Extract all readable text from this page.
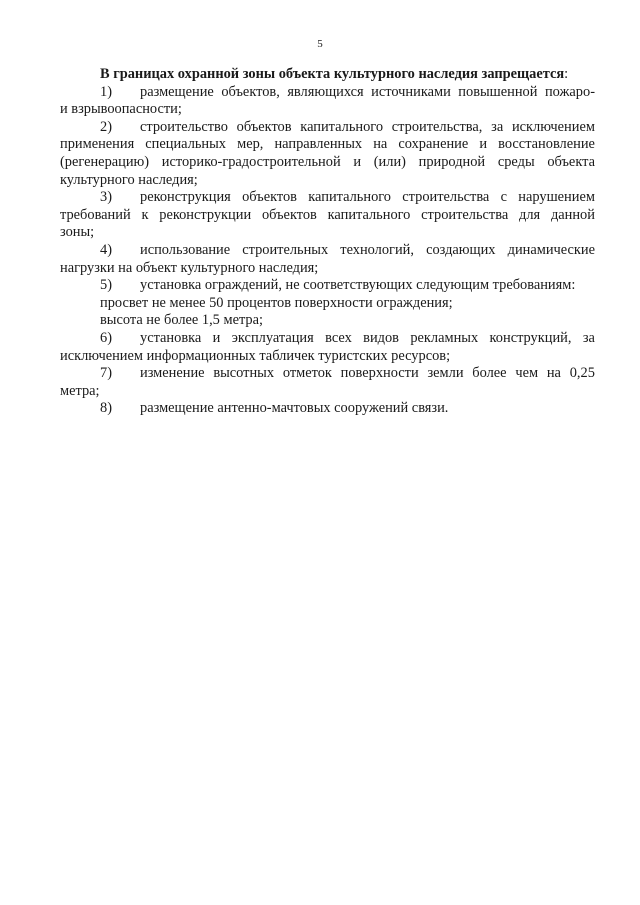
5
В границах охранной зоны объекта культурного наследия запрещается :
1)	размещение объектов, являющихся источниками повышенной пожаро-
и взрывоопасности;
2)	строительство объектов капитального строительства, за исключением
применения специальных мер, направленных на сохранение и восстановление
(регенерацию) историко-градостроительной и (или) природной среды объекта
культурного наследия;
3)	реконструкция объектов капитального строительства с нарушением
требований к реконструкции объектов капитального строительства для данной
зоны;
4)	использование строительных технологий, создающих динамические
нагрузки на объект культурного наследия;
5)	установка ограждений, не соответствующих следующим требованиям:
просвет не менее 50 процентов поверхности ограждения;
высота не более 1,5 метра;
6)	установка и эксплуатация всех видов рекламных конструкций, за
исключением информационных табличек туристских ресурсов;
7)	изменение высотных отметок поверхности земли более чем на 0,25
метра;
8)	размещение антенно-мачтовых сооружений связи.
